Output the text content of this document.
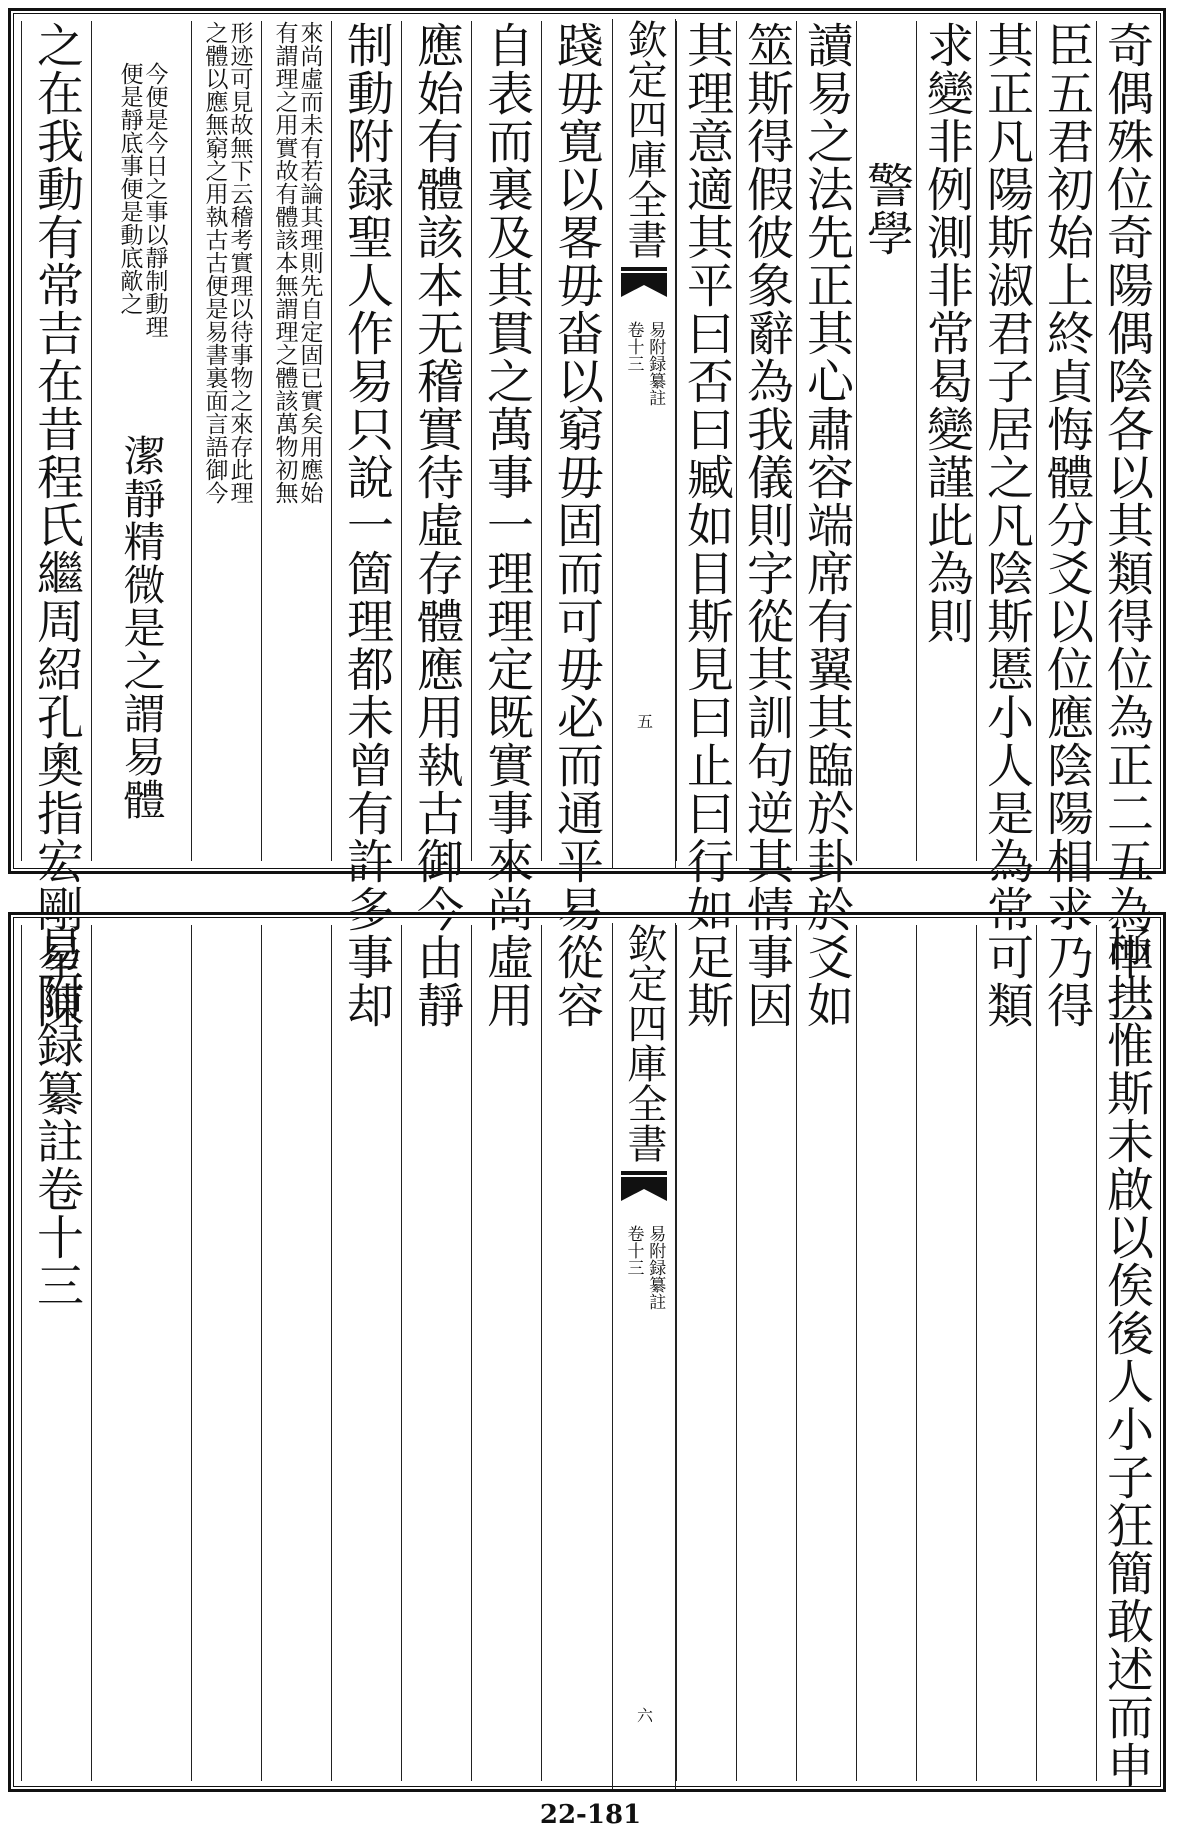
奇偶殊位奇陽偶陰各以其類得位為正二五為中二
臣五君初始上終貞悔體分爻以位應陰陽相求乃得
其正凡陽斯淑君子居之凡陰斯慝小人是為常可類
求變非例測非常曷變謹此為則
警學
讀易之法先正其心肅容端席有翼其臨於卦於爻如
筮斯得假彼象辭為我儀則字從其訓句逆其情事因
其理意適其平曰否曰臧如目斯見曰止曰行如足斯
欽定四庫全書
易附録纂註
卷十三
五
踐毋寛以畧毋畓以窮毋固而可毋必而通平易從容
自表而裏及其貫之萬事一理理定既實事來尚虛用
應始有體該本无稽實待虛存體應用執古御今由靜
制動附録聖人作易只說一箇理都未曾有許多事却
來尚虛而未有若論其理則先自定固已實矣用應始
有謂理之用實故有體該本無謂理之體該萬物初無
形迹可見故無下云稽考實理以待事物之來存此理
之體以應無窮之用執古古便是易書裏面言語御今
今便是今日之事以靜制動理
便是靜底事便是動底歒之
潔靜精微是之謂易體
之在我動有常吉在昔程氏繼周紹孔奧指宏剛星陳
極拱惟斯未啟以俟後人小子狂簡敢述而申
欽定四庫全書
易附録纂註
卷十三
六
易附録纂註卷十三
22-181
